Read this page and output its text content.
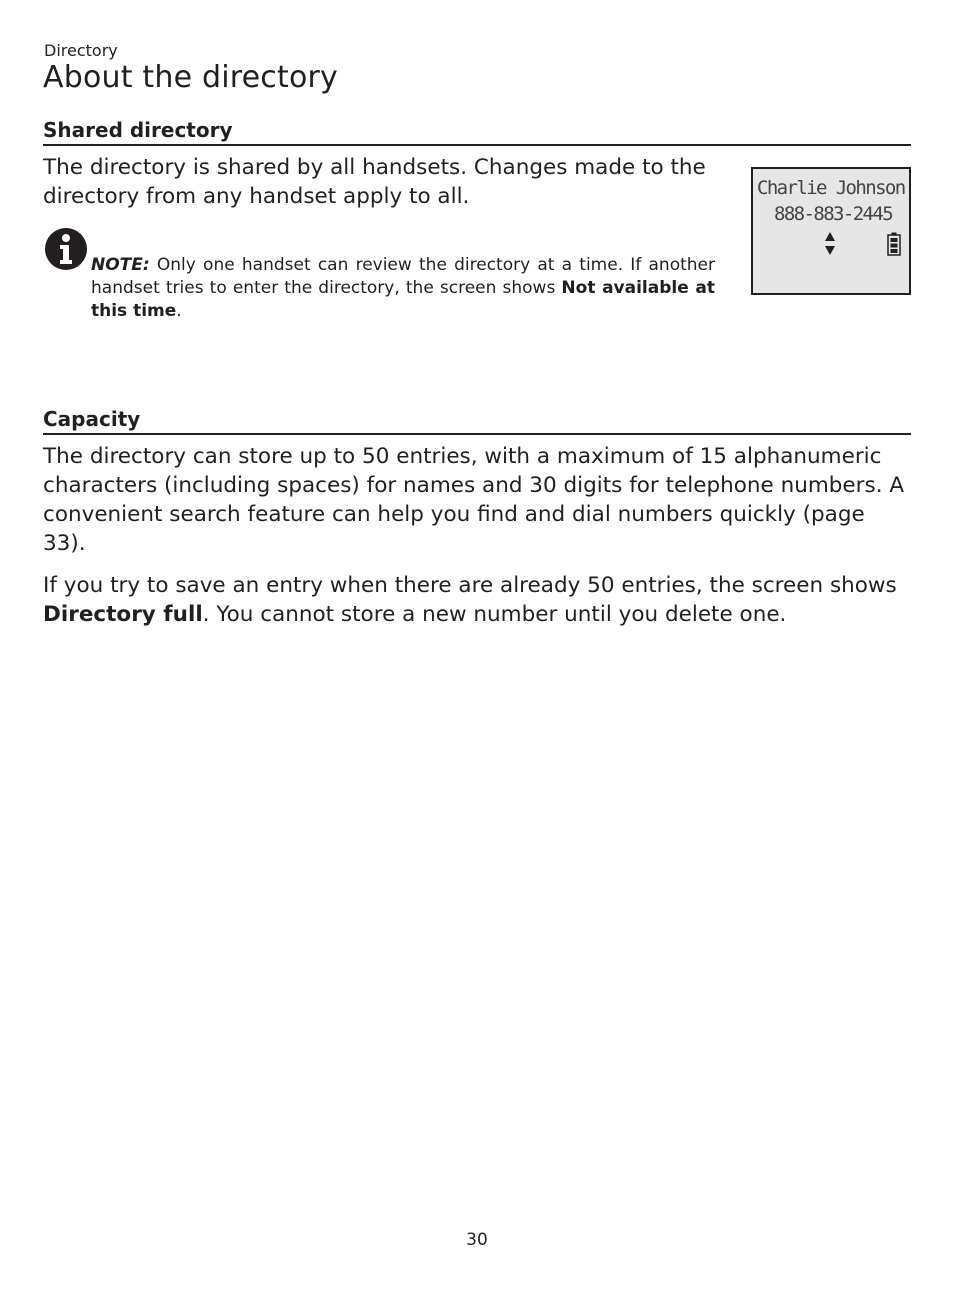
Directory
About the directory
Shared directory

The directory is shared by all handsets. Changes made to the directory from any handset apply to all.

NOTE: Only one handset can review the directory at a time. If another handset tries to enter the directory, the screen shows Not available at this time.

Charlie Johnson
888-883-2445
Capacity

The directory can store up to 50 entries, with a maximum of 15 alphanumeric characters (including spaces) for names and 30 digits for telephone numbers. A convenient search feature can help you find and dial numbers quickly (page 33).

If you try to save an entry when there are already 50 entries, the screen shows Directory full. You cannot store a new number until you delete one.

30
